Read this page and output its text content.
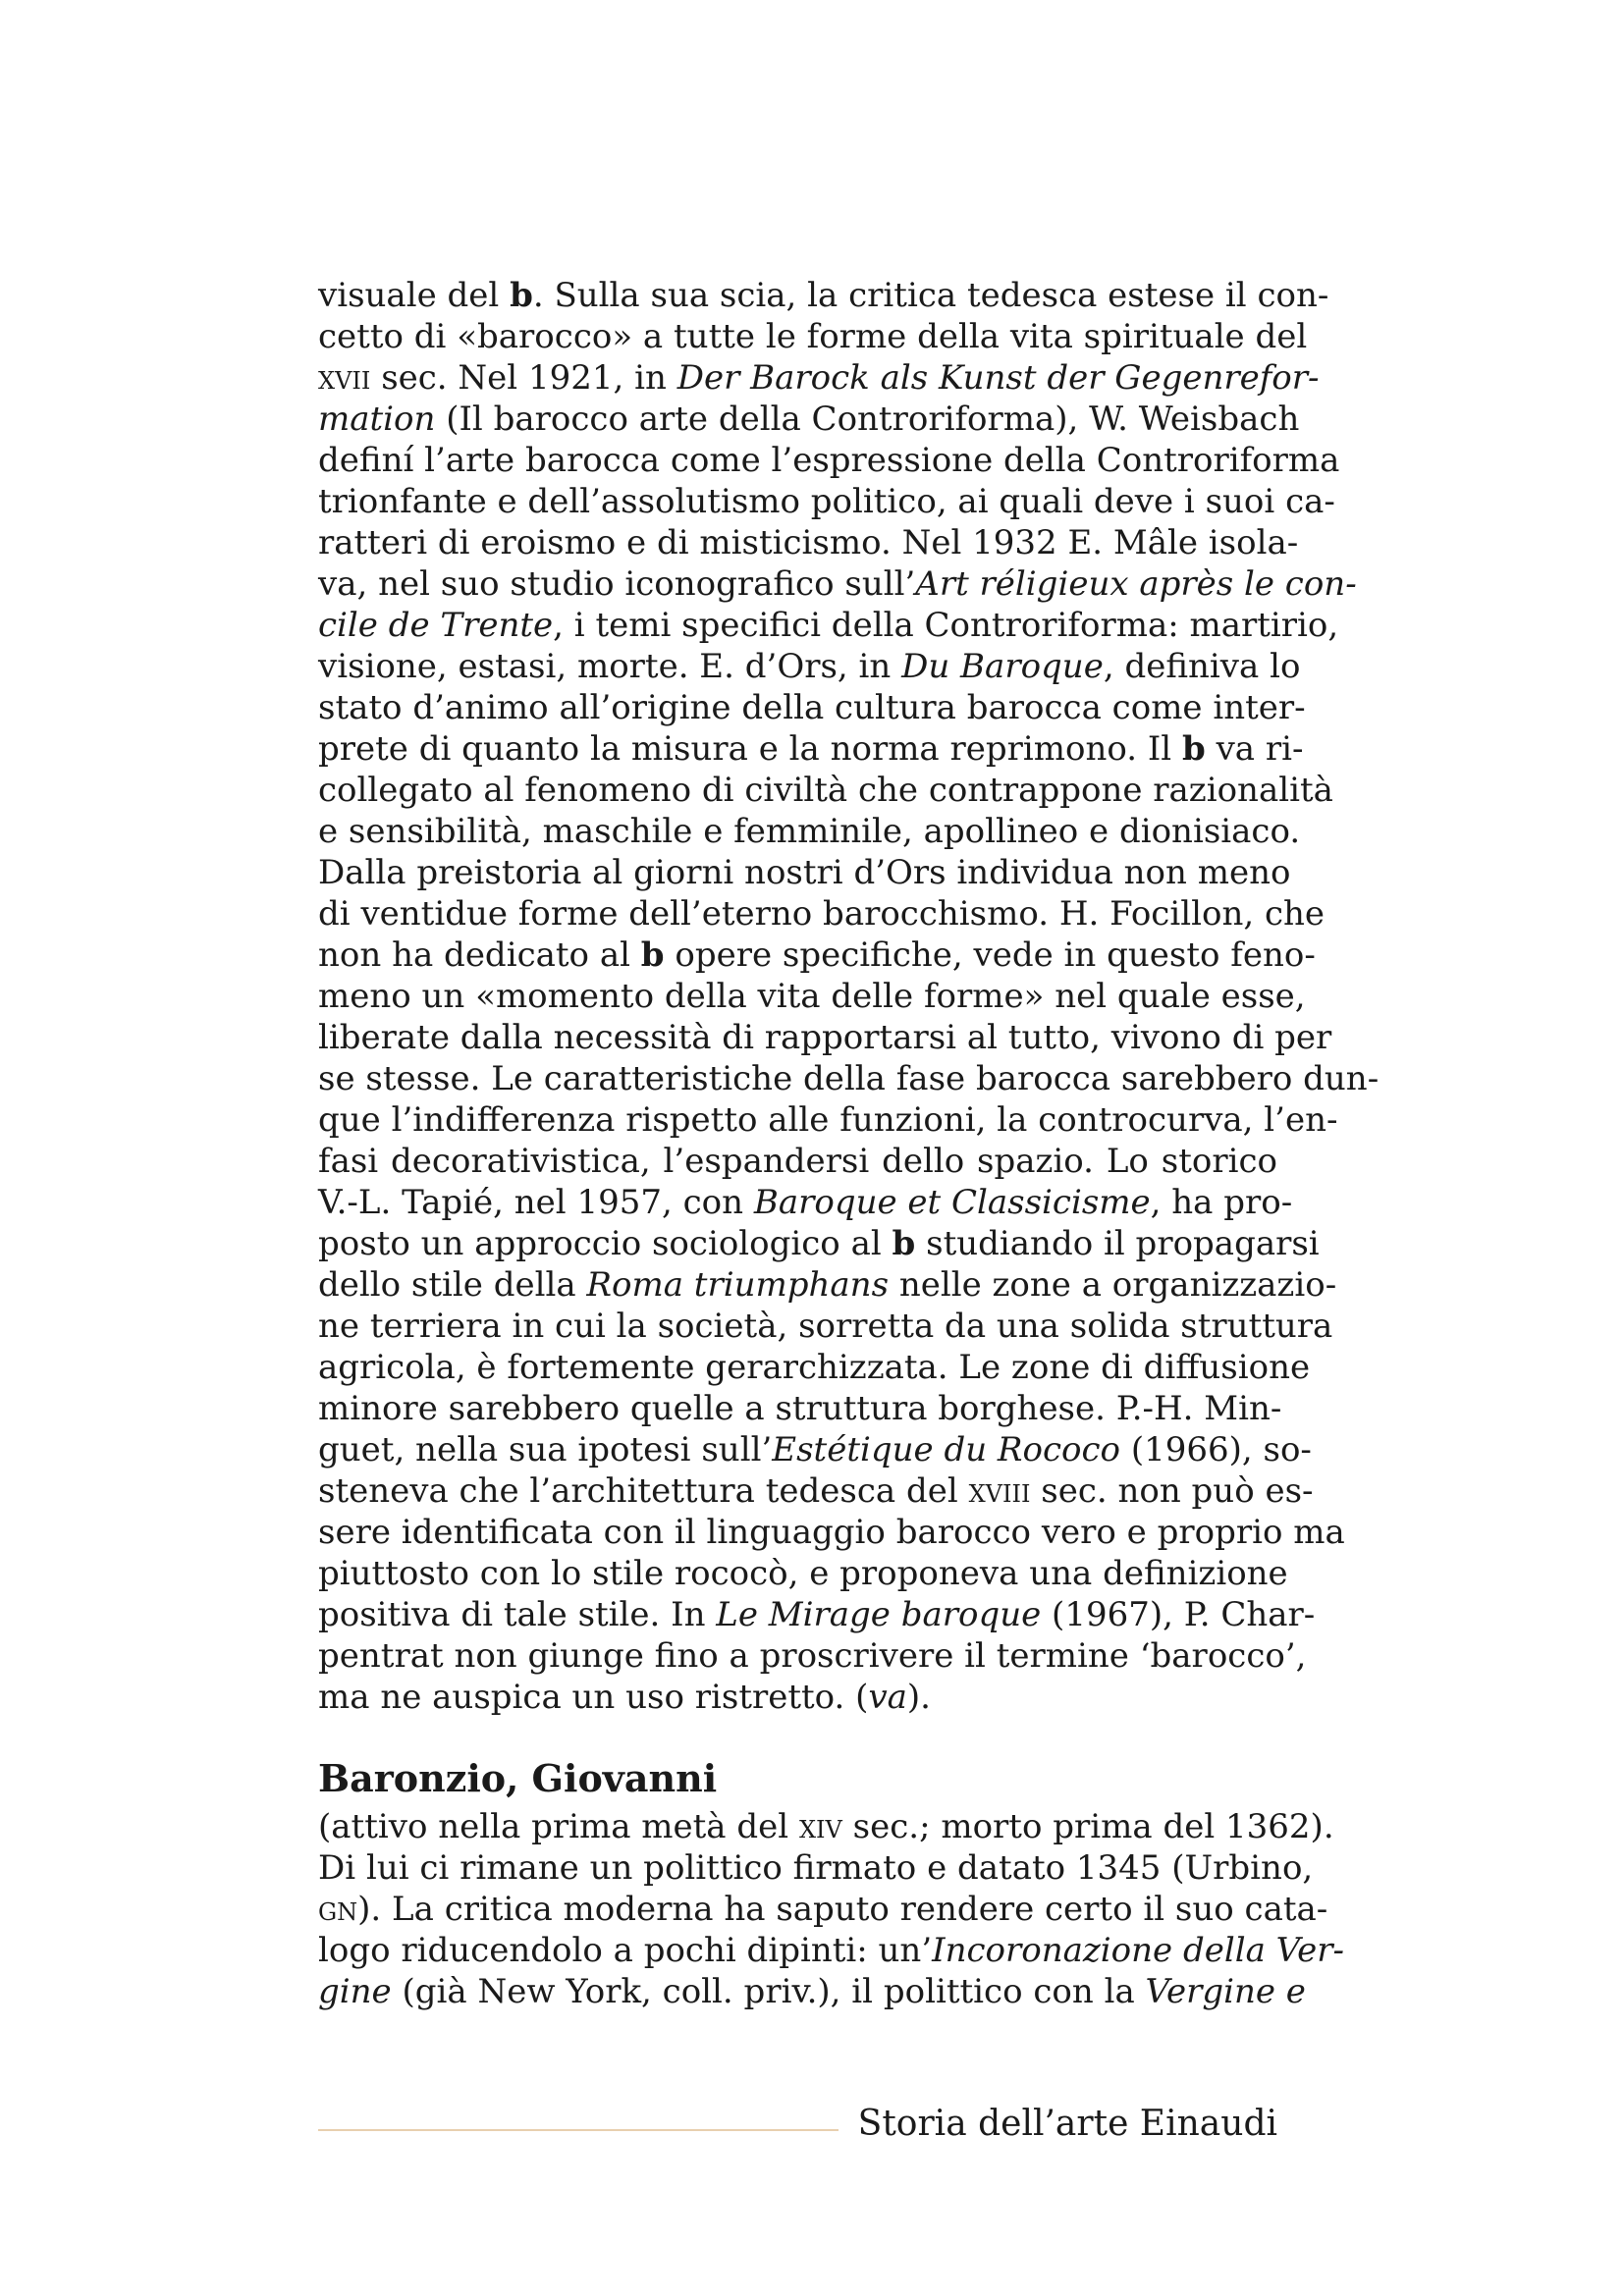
visuale del b. Sulla sua scia, la critica tedesca estese il con-
cetto di «barocco» a tutte le forme della vita spirituale del
xvii sec. Nel 1921, in Der Barock als Kunst der Gegenrefor-
mation (Il barocco arte della Controriforma), W. Weisbach
definí l’arte barocca come l’espressione della Controriforma
trionfante e dell’assolutismo politico, ai quali deve i suoi ca-
ratteri di eroismo e di misticismo. Nel 1932 E. Mâle isola-
va, nel suo studio iconografico sull’Art réligieux après le con-
cile de Trente, i temi specifici della Controriforma: martirio,
visione, estasi, morte. E. d’Ors, in Du Baroque, definiva lo
stato d’animo all’origine della cultura barocca come inter-
prete di quanto la misura e la norma reprimono. Il b va ri-
collegato al fenomeno di civiltà che contrappone razionalità
e sensibilità, maschile e femminile, apollineo e dionisiaco.
Dalla preistoria al giorni nostri d’Ors individua non meno
di ventidue forme dell’eterno barocchismo. H. Focillon, che
non ha dedicato al b opere specifiche, vede in questo feno-
meno un «momento della vita delle forme» nel quale esse,
liberate dalla necessità di rapportarsi al tutto, vivono di per
se stesse. Le caratteristiche della fase barocca sarebbero dun-
que l’indifferenza rispetto alle funzioni, la controcurva, l’en-
fasi decorativistica, l’espandersi dello spazio. Lo storico
V.-L. Tapié, nel 1957, con Baroque et Classicisme, ha pro-
posto un approccio sociologico al b studiando il propagarsi
dello stile della Roma triumphans nelle zone a organizzazio-
ne terriera in cui la società, sorretta da una solida struttura
agricola, è fortemente gerarchizzata. Le zone di diffusione
minore sarebbero quelle a struttura borghese. P.-H. Min-
guet, nella sua ipotesi sull’Estétique du Rococo (1966), so-
steneva che l’architettura tedesca del xviii sec. non può es-
sere identificata con il linguaggio barocco vero e proprio ma
piuttosto con lo stile rococò, e proponeva una definizione
positiva di tale stile. In Le Mirage baroque (1967), P. Char-
pentrat non giunge fino a proscrivere il termine ‘barocco’,
ma ne auspica un uso ristretto. (va).
Baronzio, Giovanni
(attivo nella prima metà del xiv sec.; morto prima del 1362).
Di lui ci rimane un polittico firmato e datato 1345 (Urbino,
gn). La critica moderna ha saputo rendere certo il suo cata-
logo riducendolo a pochi dipinti: un’Incoronazione della Ver-
gine (già New York, coll. priv.), il polittico con la Vergine e
Storia dell’arte Einaudi
